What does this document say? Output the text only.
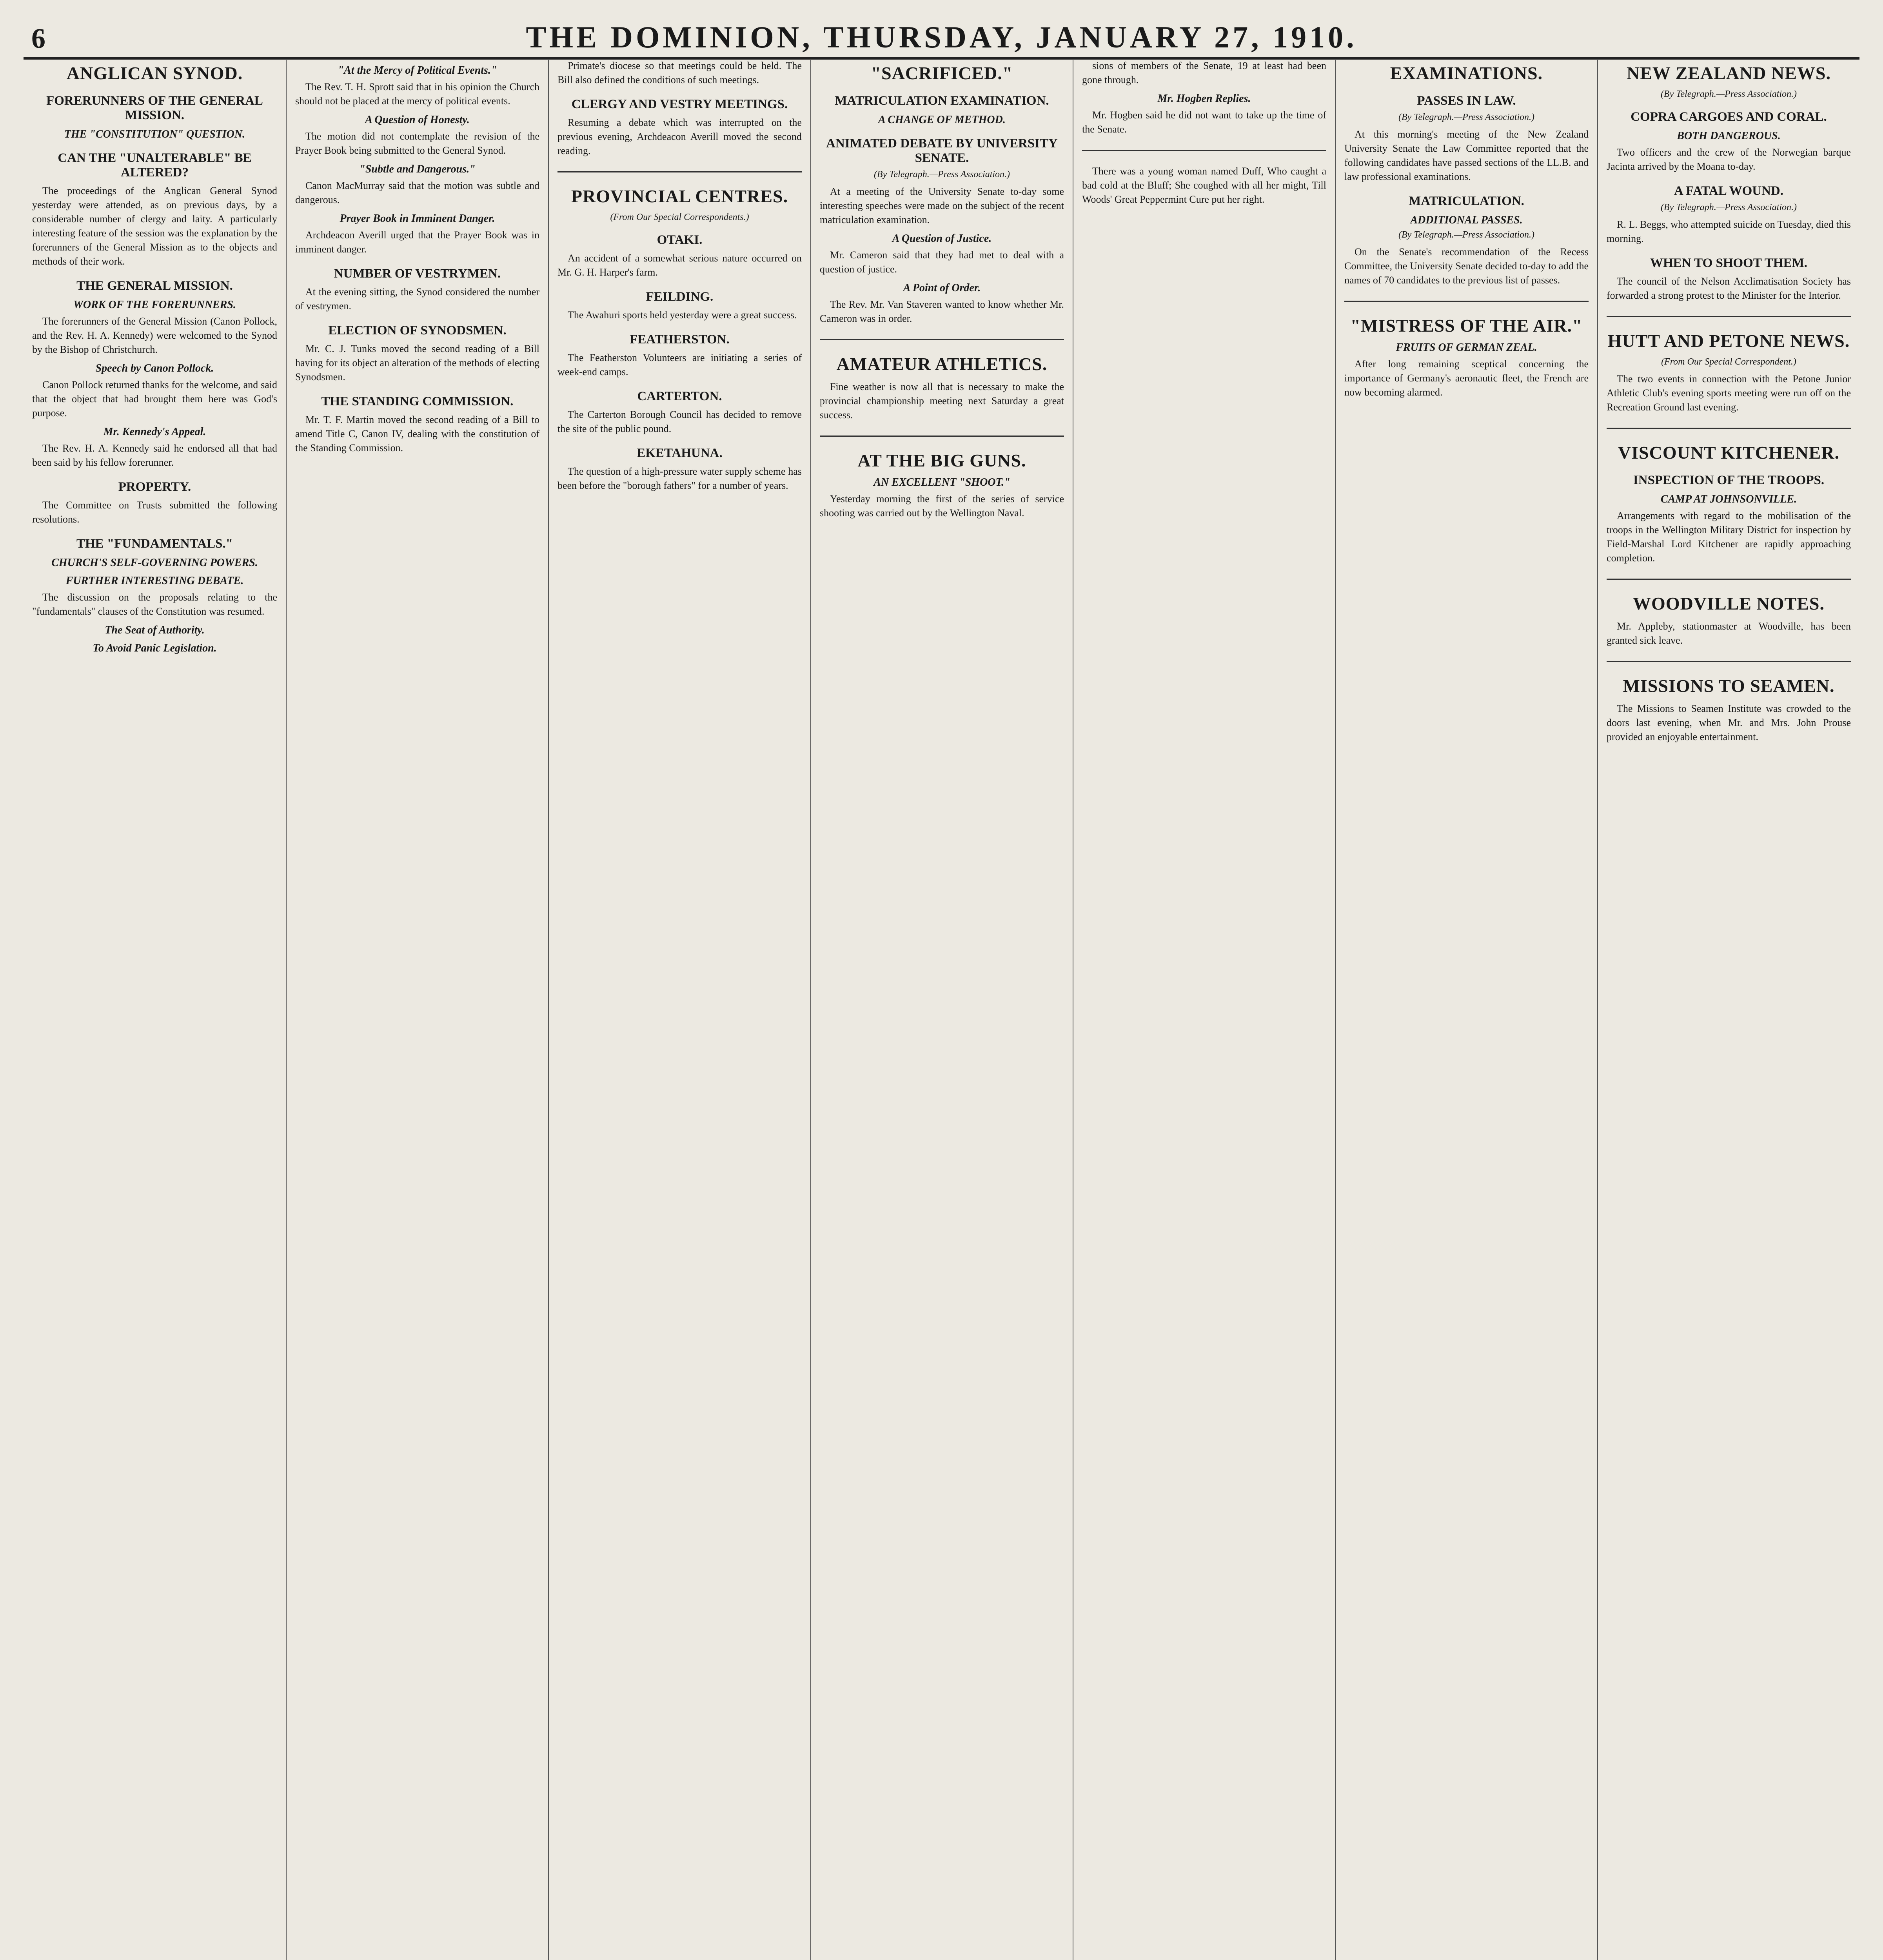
6	THE DOMINION, THURSDAY, JANUARY 27, 1910.
ANGLICAN SYNOD.
FORERUNNERS OF THE GENERAL MISSION.
THE "CONSTITUTION" QUESTION.
CAN THE "UNALTERABLE" BE ALTERED?

The proceedings of the Anglican General Synod yesterday were attended, as on previous days, by a considerable number of clergy and laity. A particularly interesting feature of the session was the explanation by the forerunners of the General Mission as to the objects and methods of their work.

THE GENERAL MISSION.
WORK OF THE FORERUNNERS.

The forerunners of the General Mission (Canon Pollock, and the Rev. H. A. Kennedy) were welcomed to the Synod by the Bishop of Christchurch.

Speech by Canon Pollock.

Canon Pollock returned thanks for the welcome, and said that the object that had brought them here was God's purpose.

Mr. Kennedy's Appeal.

The Rev. H. A. Kennedy said he endorsed all that had been said by his fellow forerunner.

PROPERTY.

The Committee on Trusts submitted the following resolutions.

THE "FUNDAMENTALS."
CHURCH'S SELF-GOVERNING POWERS.
FURTHER INTERESTING DEBATE.

The discussion on the proposals relating to the "fundamentals" clauses of the Constitution was resumed.

The Seat of Authority.
To Avoid Panic Legislation.
"At the Mercy of Political Events."

The Rev. T. H. Sprott said that in his opinion the Church should not be placed at the mercy of political events.

A Question of Honesty.

The motion did not contemplate the revision of the Prayer Book being submitted to the General Synod.

"Subtle and Dangerous."

Canon MacMurray said that the motion was subtle and dangerous.

Prayer Book in Imminent Danger.

Archdeacon Averill urged that the Prayer Book was in imminent danger.

NUMBER OF VESTRYMEN.

At the evening sitting, the Synod considered the number of vestrymen.

ELECTION OF SYNODSMEN.

Mr. C. J. Tunks moved the second reading of a Bill having for its object an alteration of the methods of electing Synodsmen.

THE STANDING COMMISSION.

Mr. T. F. Martin moved the second reading of a Bill to amend Title C, Canon IV, dealing with the constitution of the Standing Commission.

Primate's diocese so that meetings could be held. The Bill also defined the conditions of such meetings.

CLERGY AND VESTRY MEETINGS.

Resuming a debate which was interrupted on the previous evening, Archdeacon Averill moved the second reading.

PROVINCIAL CENTRES.
(From Our Special Correspondents.)
OTAKI.

An accident of a somewhat serious nature occurred on Mr. G. H. Harper's farm.

FEILDING.

The Awahuri sports held yesterday were a great success.

FEATHERSTON.

The Featherston Volunteers are initiating a series of week-end camps.

CARTERTON.

The Carterton Borough Council has decided to remove the site of the public pound.

EKETAHUNA.

The question of a high-pressure water supply scheme has been before the "borough fathers" for a number of years.

"SACRIFICED."
MATRICULATION EXAMINATION.
A CHANGE OF METHOD.
ANIMATED DEBATE BY UNIVERSITY SENATE.
(By Telegraph.—Press Association.)

At a meeting of the University Senate to-day some interesting speeches were made on the subject of the recent matriculation examination.

A Question of Justice.

Mr. Cameron said that they had met to deal with a question of justice.

A Point of Order.

The Rev. Mr. Van Staveren wanted to know whether Mr. Cameron was in order.

AMATEUR ATHLETICS.

Fine weather is now all that is necessary to make the provincial championship meeting next Saturday a great success.

AT THE BIG GUNS.
AN EXCELLENT "SHOOT."

Yesterday morning the first of the series of service shooting was carried out by the Wellington Naval.

sions of members of the Senate, 19 at least had been gone through.

Mr. Hogben Replies.

Mr. Hogben said he did not want to take up the time of the Senate.

There was a young woman named Duff, Who caught a bad cold at the Bluff; She coughed with all her might, Till Woods' Great Peppermint Cure put her right.

EXAMINATIONS.
PASSES IN LAW.
(By Telegraph.—Press Association.)

At this morning's meeting of the New Zealand University Senate the Law Committee reported that the following candidates have passed sections of the LL.B. and law professional examinations.

MATRICULATION.
ADDITIONAL PASSES.
(By Telegraph.—Press Association.)

On the Senate's recommendation of the Recess Committee, the University Senate decided to-day to add the names of 70 candidates to the previous list of passes.

"MISTRESS OF THE AIR."
FRUITS OF GERMAN ZEAL.

After long remaining sceptical concerning the importance of Germany's aeronautic fleet, the French are now becoming alarmed.

NEW ZEALAND NEWS.
(By Telegraph.—Press Association.)
COPRA CARGOES AND CORAL.
BOTH DANGEROUS.

Two officers and the crew of the Norwegian barque Jacinta arrived by the Moana to-day.

A FATAL WOUND.
(By Telegraph.—Press Association.)

R. L. Beggs, who attempted suicide on Tuesday, died this morning.

WHEN TO SHOOT THEM.

The council of the Nelson Acclimatisation Society has forwarded a strong protest to the Minister for the Interior.

HUTT AND PETONE NEWS.
(From Our Special Correspondent.)

The two events in connection with the Petone Junior Athletic Club's evening sports meeting were run off on the Recreation Ground last evening.

VISCOUNT KITCHENER.
INSPECTION OF THE TROOPS.
CAMP AT JOHNSONVILLE.

Arrangements with regard to the mobilisation of the troops in the Wellington Military District for inspection by Field-Marshal Lord Kitchener are rapidly approaching completion.

WOODVILLE NOTES.

Mr. Appleby, stationmaster at Woodville, has been granted sick leave.

MISSIONS TO SEAMEN.

The Missions to Seamen Institute was crowded to the doors last evening, when Mr. and Mrs. John Prouse provided an enjoyable entertainment.
